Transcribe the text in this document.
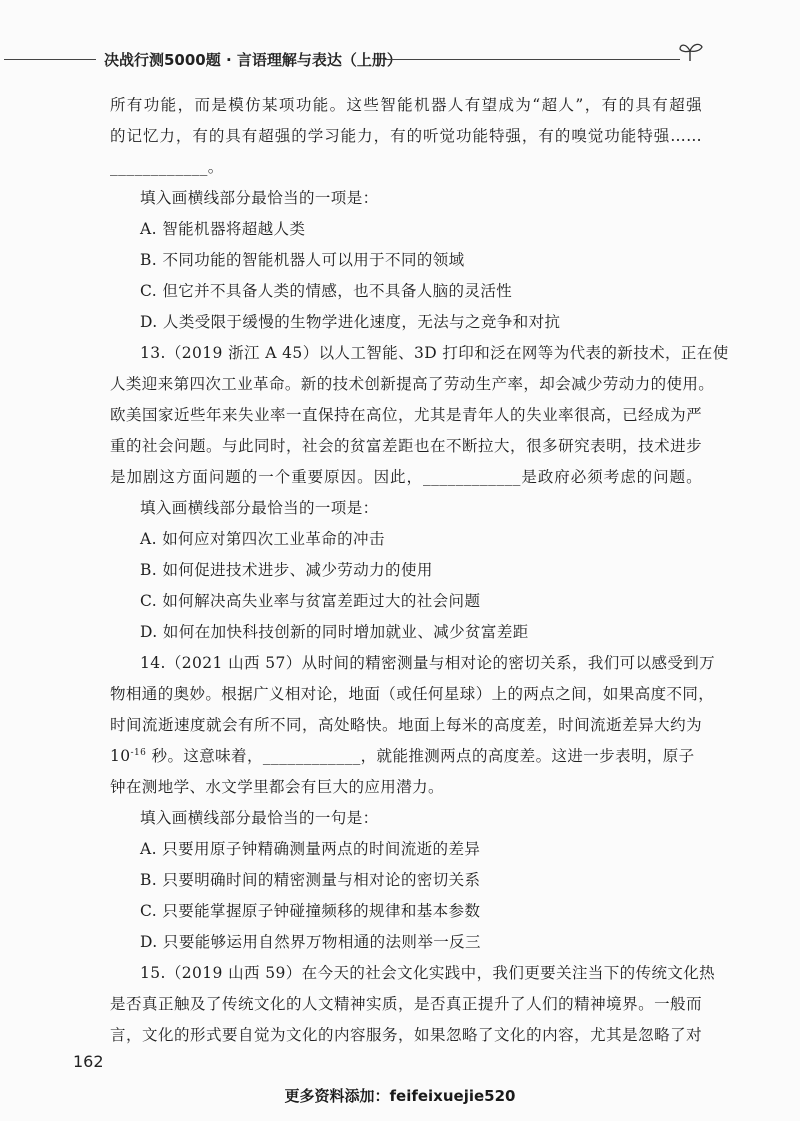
决战行测5000题 · 言语理解与表达（上册）
所有功能，而是模仿某项功能。这些智能机器人有望成为“超人”，有的具有超强
的记忆力，有的具有超强的学习能力，有的听觉功能特强，有的嗅觉功能特强……
____________。
填入画横线部分最恰当的一项是：
A. 智能机器将超越人类
B. 不同功能的智能机器人可以用于不同的领域
C. 但它并不具备人类的情感，也不具备人脑的灵活性
D. 人类受限于缓慢的生物学进化速度，无法与之竞争和对抗
13.（2019 浙江 A 45）以人工智能、3D 打印和泛在网等为代表的新技术，正在使
人类迎来第四次工业革命。新的技术创新提高了劳动生产率，却会减少劳动力的使用。
欧美国家近些年来失业率一直保持在高位，尤其是青年人的失业率很高，已经成为严
重的社会问题。与此同时，社会的贫富差距也在不断拉大，很多研究表明，技术进步
是加剧这方面问题的一个重要原因。因此，____________是政府必须考虑的问题。
填入画横线部分最恰当的一项是：
A. 如何应对第四次工业革命的冲击
B. 如何促进技术进步、减少劳动力的使用
C. 如何解决高失业率与贫富差距过大的社会问题
D. 如何在加快科技创新的同时增加就业、减少贫富差距
14.（2021 山西 57）从时间的精密测量与相对论的密切关系，我们可以感受到万
物相通的奥妙。根据广义相对论，地面（或任何星球）上的两点之间，如果高度不同，
时间流逝速度就会有所不同，高处略快。地面上每米的高度差，时间流逝差异大约为
$10^{-16}$ 秒。这意味着，____________，就能推测两点的高度差。这进一步表明，原子
钟在测地学、水文学里都会有巨大的应用潜力。
填入画横线部分最恰当的一句是：
A. 只要用原子钟精确测量两点的时间流逝的差异
B. 只要明确时间的精密测量与相对论的密切关系
C. 只要能掌握原子钟碰撞频移的规律和基本参数
D. 只要能够运用自然界万物相通的法则举一反三
15.（2019 山西 59）在今天的社会文化实践中，我们更要关注当下的传统文化热
是否真正触及了传统文化的人文精神实质，是否真正提升了人们的精神境界。一般而
言，文化的形式要自觉为文化的内容服务，如果忽略了文化的内容，尤其是忽略了对
162
更多资料添加：feifeixuejie520
